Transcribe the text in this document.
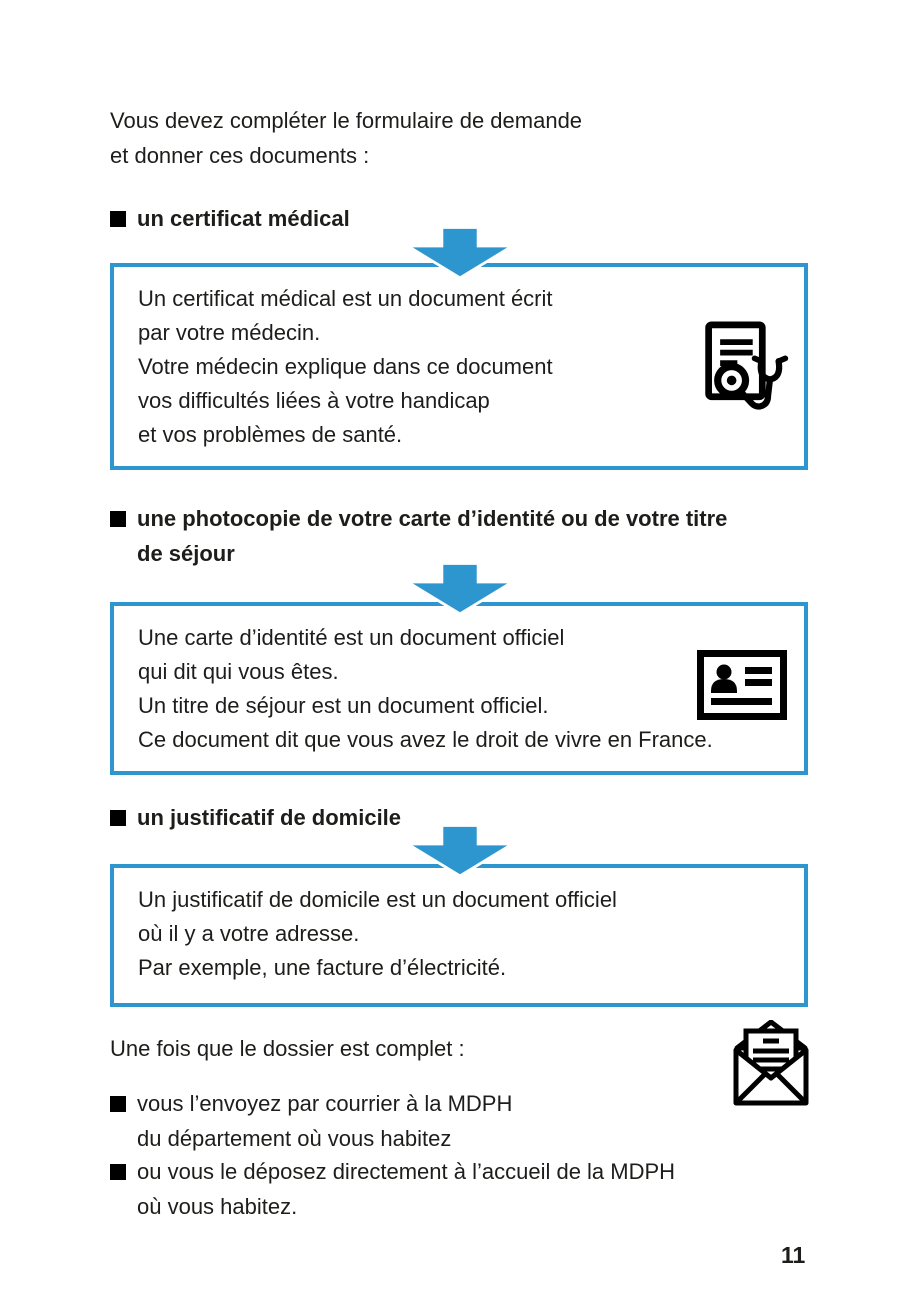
Vous devez compléter le formulaire de demande
et donner ces documents :
un certificat médical
Un certificat médical est un document écrit
par votre médecin.
Votre médecin explique dans ce document
vos difficultés liées à votre handicap
et vos problèmes de santé.
une photocopie de votre carte d’identité ou de votre titre
de séjour
Une carte d’identité est un document officiel
qui dit qui vous êtes.
Un titre de séjour est un document officiel.
Ce document dit que vous avez le droit de vivre en France.
un justificatif de domicile
Un justificatif de domicile est un document officiel
où il y a votre adresse.
Par exemple, une facture d’électricité.
Une fois que le dossier est complet :
vous l’envoyez par courrier à la MDPH
du département où vous habitez
ou vous le déposez directement à l’accueil de la MDPH
où vous habitez.
11
